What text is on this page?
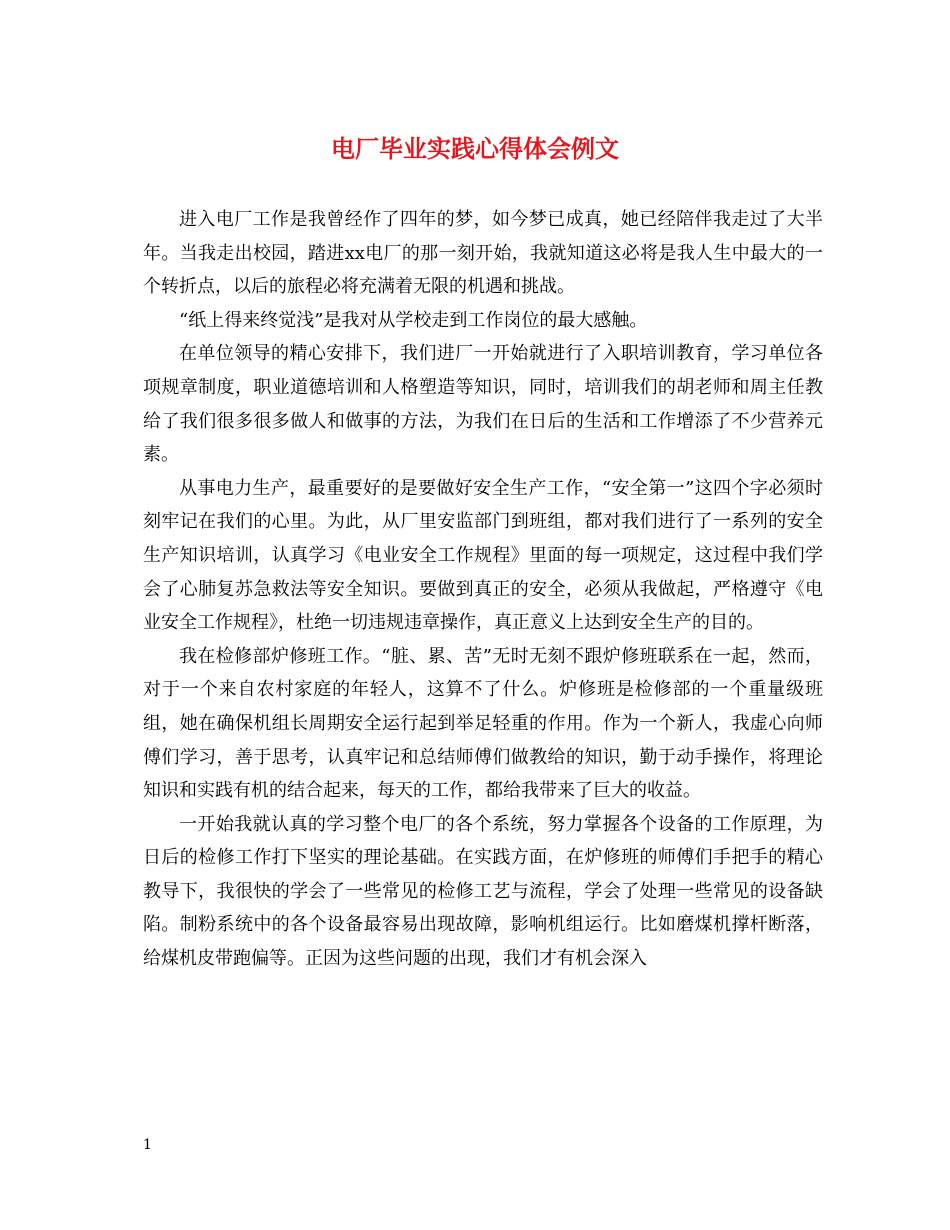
电厂毕业实践心得体会例文

进入电厂工作是我曾经作了四年的梦，如今梦已成真，她已经陪伴我走过了大半年。当我走出校园，踏进xx电厂的那一刻开始，我就知道这必将是我人生中最大的一个转折点，以后的旅程必将充满着无限的机遇和挑战。

“纸上得来终觉浅”是我对从学校走到工作岗位的最大感触。

在单位领导的精心安排下，我们进厂一开始就进行了入职培训教育，学习单位各项规章制度，职业道德培训和人格塑造等知识，同时，培训我们的胡老师和周主任教给了我们很多很多做人和做事的方法，为我们在日后的生活和工作增添了不少营养元素。

从事电力生产，最重要好的是要做好安全生产工作，“安全第一”这四个字必须时刻牢记在我们的心里。为此，从厂里安监部门到班组，都对我们进行了一系列的安全生产知识培训，认真学习《电业安全工作规程》里面的每一项规定，这过程中我们学会了心肺复苏急救法等安全知识。要做到真正的安全，必须从我做起，严格遵守《电业安全工作规程》，杜绝一切违规违章操作，真正意义上达到安全生产的目的。

我在检修部炉修班工作。“脏、累、苦”无时无刻不跟炉修班联系在一起，然而，对于一个来自农村家庭的年轻人，这算不了什么。炉修班是检修部的一个重量级班组，她在确保机组长周期安全运行起到举足轻重的作用。作为一个新人，我虚心向师傅们学习，善于思考，认真牢记和总结师傅们做教给的知识，勤于动手操作，将理论知识和实践有机的结合起来，每天的工作，都给我带来了巨大的收益。

一开始我就认真的学习整个电厂的各个系统，努力掌握各个设备的工作原理，为日后的检修工作打下坚实的理论基础。在实践方面，在炉修班的师傅们手把手的精心教导下，我很快的学会了一些常见的检修工艺与流程，学会了处理一些常见的设备缺陷。制粉系统中的各个设备最容易出现故障，影响机组运行。比如磨煤机撑杆断落，给煤机皮带跑偏等。正因为这些问题的出现，我们才有机会深入

1
